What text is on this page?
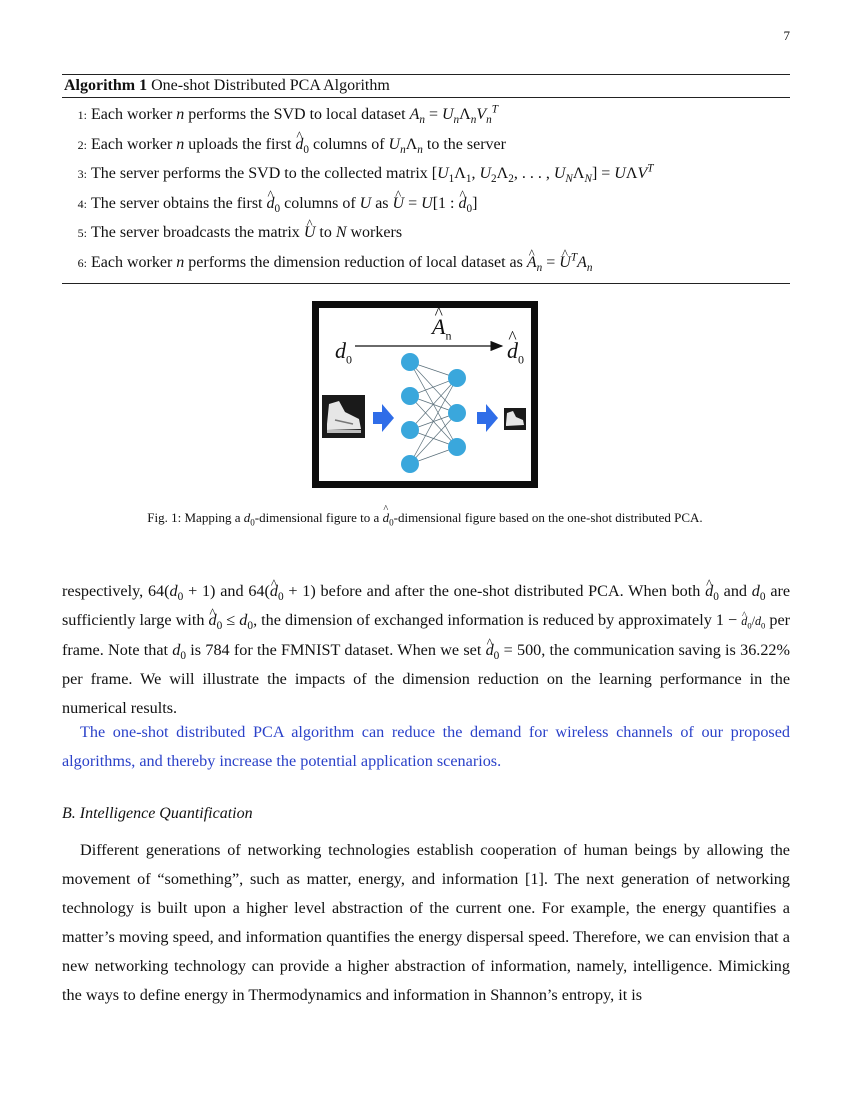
7
Algorithm 1 One-shot Distributed PCA Algorithm
1: Each worker n performs the SVD to local dataset $A_n = U_n\Lambda_nV_n^T$
2: Each worker n uploads the first ^ $d_0$ columns of $U_n\Lambda_n$ to the server
3: The server performs the SVD to the collected matrix [$U_1\Lambda_1$, $U_2\Lambda_2$, . . . , $U_N\Lambda_N] = U\Lambda V^T$
4: The server obtains the first ^ $d_0$ columns of U as ^ U = U[1 : ^ $d_0$]
5: The server broadcasts the matrix ^ U to N workers
6: Each worker n performs the dimension reduction of local dataset as ^ $A_n$ = ^ $U^TA_n$
$d_0$
^ $A_n$
^ $d_0$
Fig. 1: Mapping a $d_0$-dimensional figure to a ^ $d_0$-dimensional figure based on the one-shot distributed PCA.
respectively, $64(d_0 + 1)$ and 64(^ $d_0 + 1$) before and after the one-shot distributed PCA. When both ^ $d_0$ and $d_0$ are sufficiently large with ^ $d_0 \le d_0$, the dimension of exchanged information is reduced by approximately 1 − ^ $d_0/d_0$ per frame. Note that $d_0$ is 784 for the FMNIST dataset. When we set ^ $d_0 = 500$, the communication saving is 36.22% per frame. We will illustrate the impacts of the dimension reduction on the learning performance in the numerical results.
The one-shot distributed PCA algorithm can reduce the demand for wireless channels of our proposed algorithms, and thereby increase the potential application scenarios.
B. Intelligence Quantification
Different generations of networking technologies establish cooperation of human beings by allowing the movement of “something”, such as matter, energy, and information [1]. The next generation of networking technology is built upon a higher level abstraction of the current one. For example, the energy quantifies a matter’s moving speed, and information quantifies the energy dispersal speed. Therefore, we can envision that a new networking technology can provide a higher abstraction of information, namely, intelligence. Mimicking the ways to define energy in Thermodynamics and information in Shannon’s entropy, it is
